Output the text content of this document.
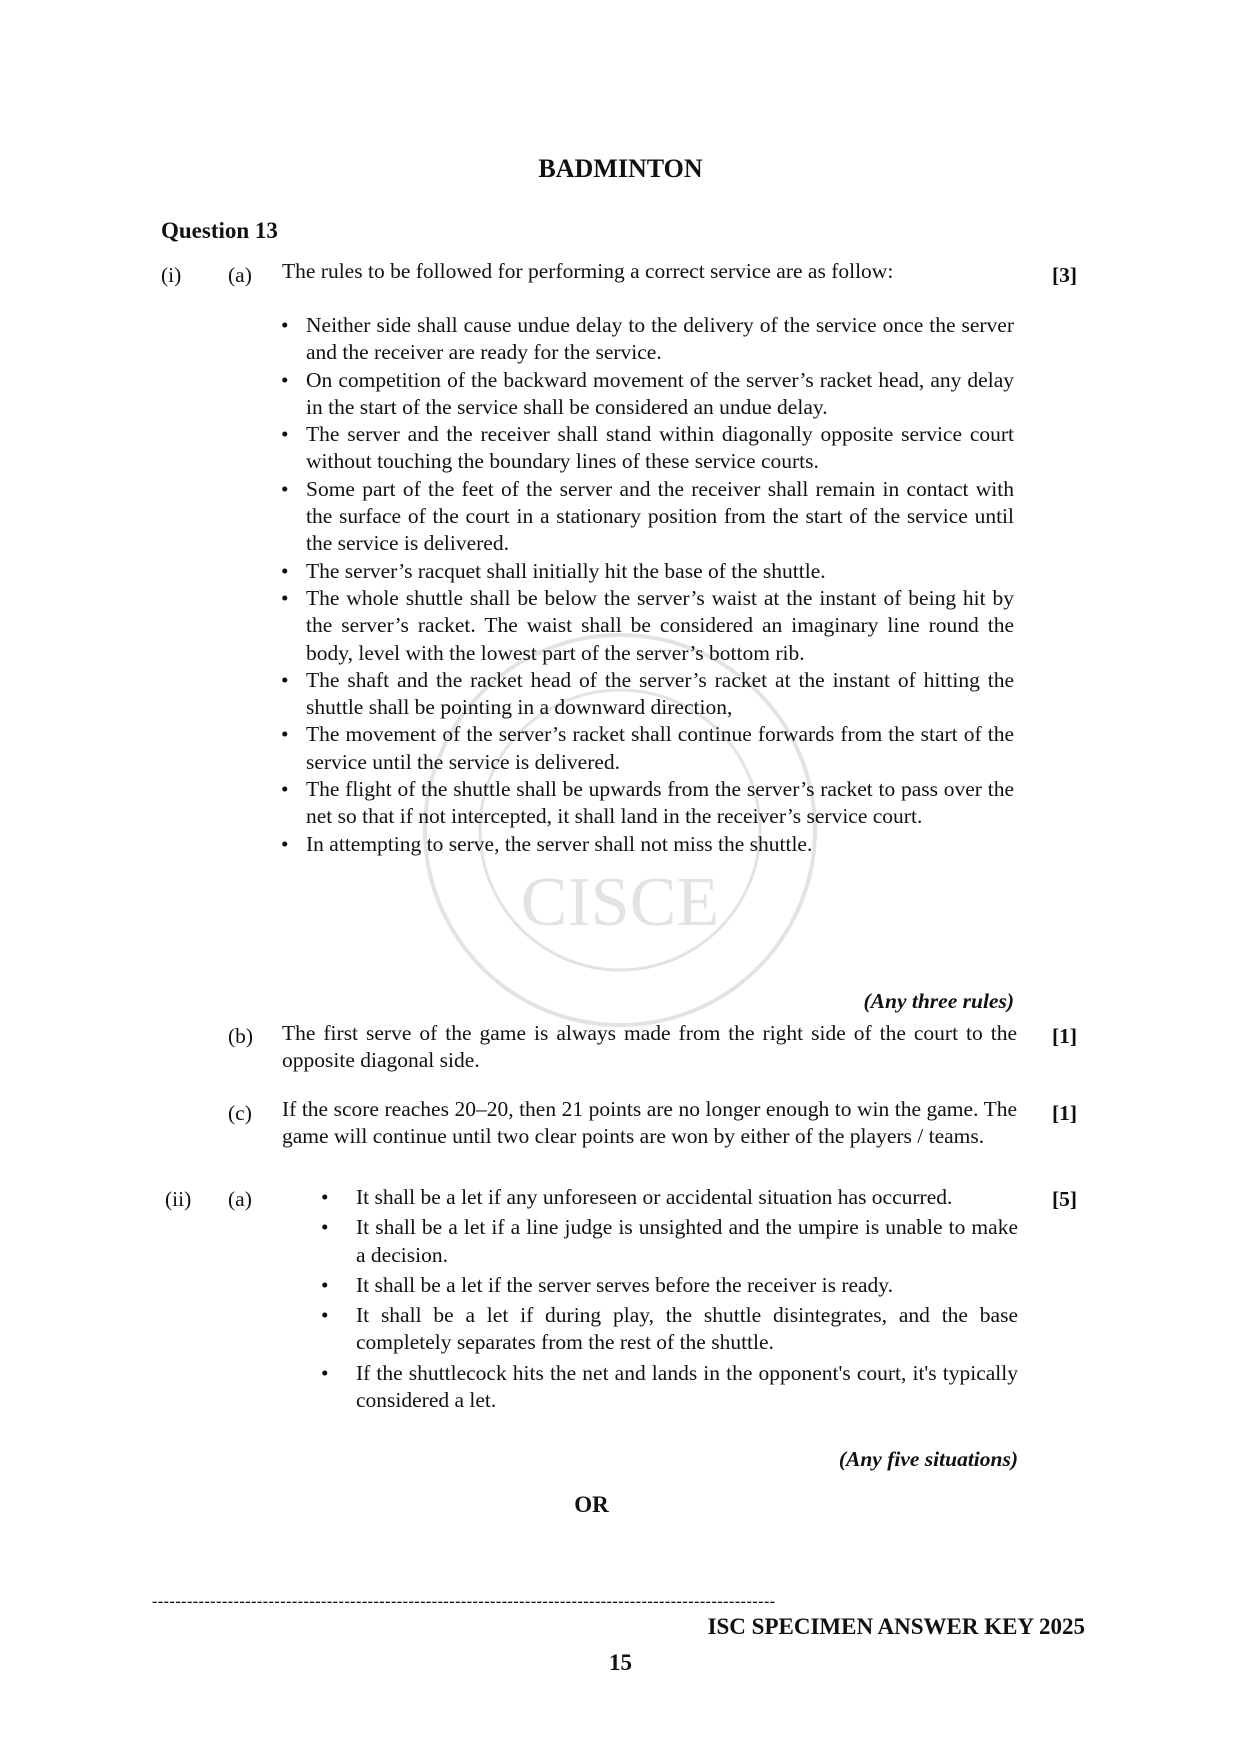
CISCE
BADMINTON
Question 13
(i) (a) The rules to be followed for performing a correct service are as follow:	[3]
• Neither side shall cause undue delay to the delivery of the service once the server and the receiver are ready for the service.
• On competition of the backward movement of the server’s racket head, any delay in the start of the service shall be considered an undue delay.
• The server and the receiver shall stand within diagonally opposite service court without touching the boundary lines of these service courts.
• Some part of the feet of the server and the receiver shall remain in contact with the surface of the court in a stationary position from the start of the service until the service is delivered.
• The server’s racquet shall initially hit the base of the shuttle.
• The whole shuttle shall be below the server’s waist at the instant of being hit by the server’s racket. The waist shall be considered an imaginary line round the body, level with the lowest part of the server’s bottom rib.
• The shaft and the racket head of the server’s racket at the instant of hitting the shuttle shall be pointing in a downward direction,
• The movement of the server’s racket shall continue forwards from the start of the service until the service is delivered.
• The flight of the shuttle shall be upwards from the server’s racket to pass over the net so that if not intercepted, it shall land in the receiver’s service court.
• In attempting to serve, the server shall not miss the shuttle.
(Any three rules)
(b) The first serve of the game is always made from the right side of the court to the opposite diagonal side.
[1]
(c) If the score reaches 20–20, then 21 points are no longer enough to win the game. The game will continue until two clear points are won by either of the players / teams.
[1]
(ii) (a)	[5]
• It shall be a let if any unforeseen or accidental situation has occurred.
• It shall be a let if a line judge is unsighted and the umpire is unable to make a decision.
• It shall be a let if the server serves before the receiver is ready.
• It shall be a let if during play, the shuttle disintegrates, and the base completely separates from the rest of the shuttle.
• If the shuttlecock hits the net and lands in the opponent's court, it's typically considered a let.
(Any five situations)
OR
-----------------------------------------------------------------------------------------------------------
ISC SPECIMEN ANSWER KEY 2025
15
